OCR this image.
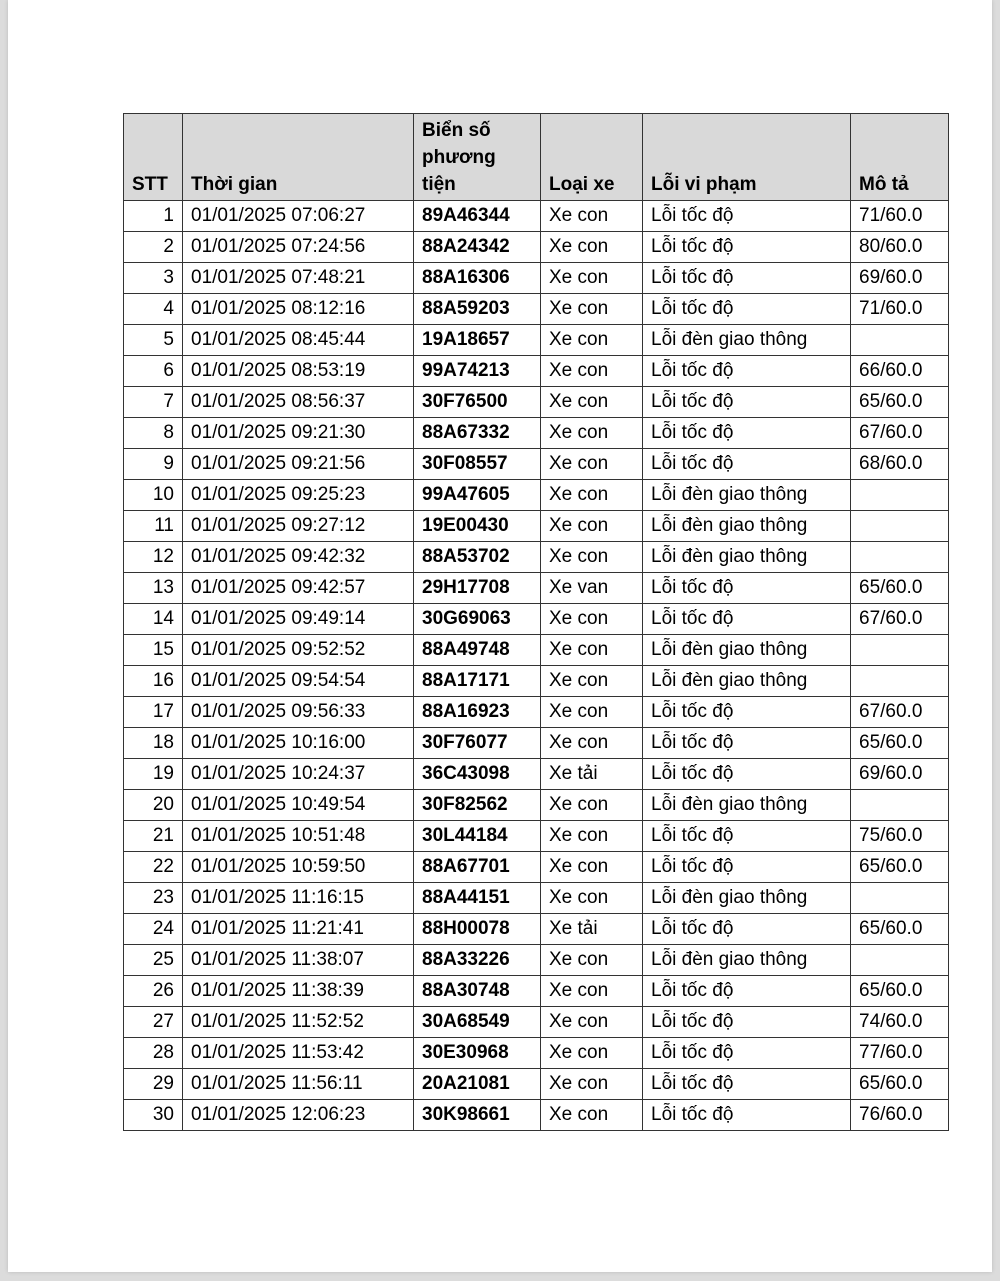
STT	Thời gian	Biển số phương tiện	Loại xe	Lỗi vi phạm	Mô tả
1	01/01/2025 07:06:27	89A46344	Xe con	Lỗi tốc độ	71/60.0
2	01/01/2025 07:24:56	88A24342	Xe con	Lỗi tốc độ	80/60.0
3	01/01/2025 07:48:21	88A16306	Xe con	Lỗi tốc độ	69/60.0
4	01/01/2025 08:12:16	88A59203	Xe con	Lỗi tốc độ	71/60.0
5	01/01/2025 08:45:44	19A18657	Xe con	Lỗi đèn giao thông	
6	01/01/2025 08:53:19	99A74213	Xe con	Lỗi tốc độ	66/60.0
7	01/01/2025 08:56:37	30F76500	Xe con	Lỗi tốc độ	65/60.0
8	01/01/2025 09:21:30	88A67332	Xe con	Lỗi tốc độ	67/60.0
9	01/01/2025 09:21:56	30F08557	Xe con	Lỗi tốc độ	68/60.0
10	01/01/2025 09:25:23	99A47605	Xe con	Lỗi đèn giao thông	
11	01/01/2025 09:27:12	19E00430	Xe con	Lỗi đèn giao thông	
12	01/01/2025 09:42:32	88A53702	Xe con	Lỗi đèn giao thông	
13	01/01/2025 09:42:57	29H17708	Xe van	Lỗi tốc độ	65/60.0
14	01/01/2025 09:49:14	30G69063	Xe con	Lỗi tốc độ	67/60.0
15	01/01/2025 09:52:52	88A49748	Xe con	Lỗi đèn giao thông	
16	01/01/2025 09:54:54	88A17171	Xe con	Lỗi đèn giao thông	
17	01/01/2025 09:56:33	88A16923	Xe con	Lỗi tốc độ	67/60.0
18	01/01/2025 10:16:00	30F76077	Xe con	Lỗi tốc độ	65/60.0
19	01/01/2025 10:24:37	36C43098	Xe tải	Lỗi tốc độ	69/60.0
20	01/01/2025 10:49:54	30F82562	Xe con	Lỗi đèn giao thông	
21	01/01/2025 10:51:48	30L44184	Xe con	Lỗi tốc độ	75/60.0
22	01/01/2025 10:59:50	88A67701	Xe con	Lỗi tốc độ	65/60.0
23	01/01/2025 11:16:15	88A44151	Xe con	Lỗi đèn giao thông	
24	01/01/2025 11:21:41	88H00078	Xe tải	Lỗi tốc độ	65/60.0
25	01/01/2025 11:38:07	88A33226	Xe con	Lỗi đèn giao thông	
26	01/01/2025 11:38:39	88A30748	Xe con	Lỗi tốc độ	65/60.0
27	01/01/2025 11:52:52	30A68549	Xe con	Lỗi tốc độ	74/60.0
28	01/01/2025 11:53:42	30E30968	Xe con	Lỗi tốc độ	77/60.0
29	01/01/2025 11:56:11	20A21081	Xe con	Lỗi tốc độ	65/60.0
30	01/01/2025 12:06:23	30K98661	Xe con	Lỗi tốc độ	76/60.0
